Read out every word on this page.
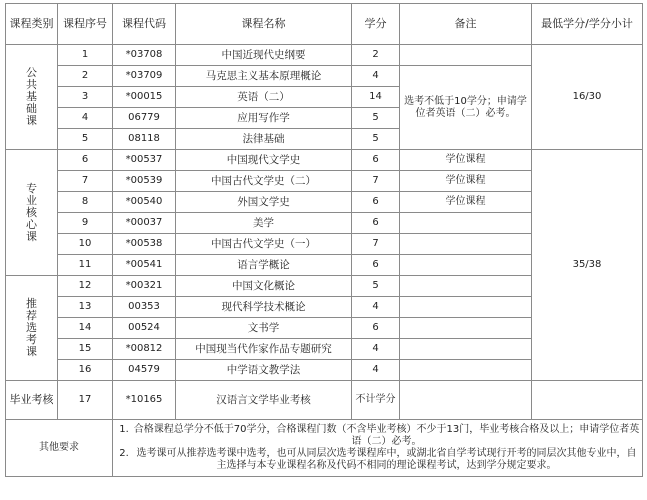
课程类别	课程序号	课程代码	课程名称	学分	备注	最低学分/学分小计
公共基础课	1	*03708	中国近现代史纲要	2		16/30
	2	*03709	马克思主义基本原理概论	4	选考不低于10学分；申请学位者英语（二）必考。	
	3	*00015	英语（二）	14		
	4	06779	应用写作学	5		
	5	08118	法律基础	5		
专业核心课	6	*00537	中国现代文学史	6	学位课程	35/38
	7	*00539	中国古代文学史（二）	7	学位课程	
	8	*00540	外国文学史	6	学位课程	
	9	*00037	美学	6		
	10	*00538	中国古代文学史（一）	7		
	11	*00541	语言学概论	6		
推荐选考课	12	*00321	中国文化概论	5		
	13	00353	现代科学技术概论	4		
	14	00524	文书学	6		
	15	*00812	中国现当代作家作品专题研究	4		
	16	04579	中学语文教学法	4		
毕业考核	17	*10165	汉语言文学毕业考核	不计学分		
其他要求		1. 合格课程总学分不低于70学分，合格课程门数（不含毕业考核）不少于13门，毕业考核合格及以上；申请学位者英语（二）必考。
2. 选考课可从推荐选考课中选考，也可从同层次选考课程库中，或湖北省自学考试现行开考的同层次其他专业中，自主选择与本专业课程名称及代码不相同的理论课程考试，达到学分规定要求。				
